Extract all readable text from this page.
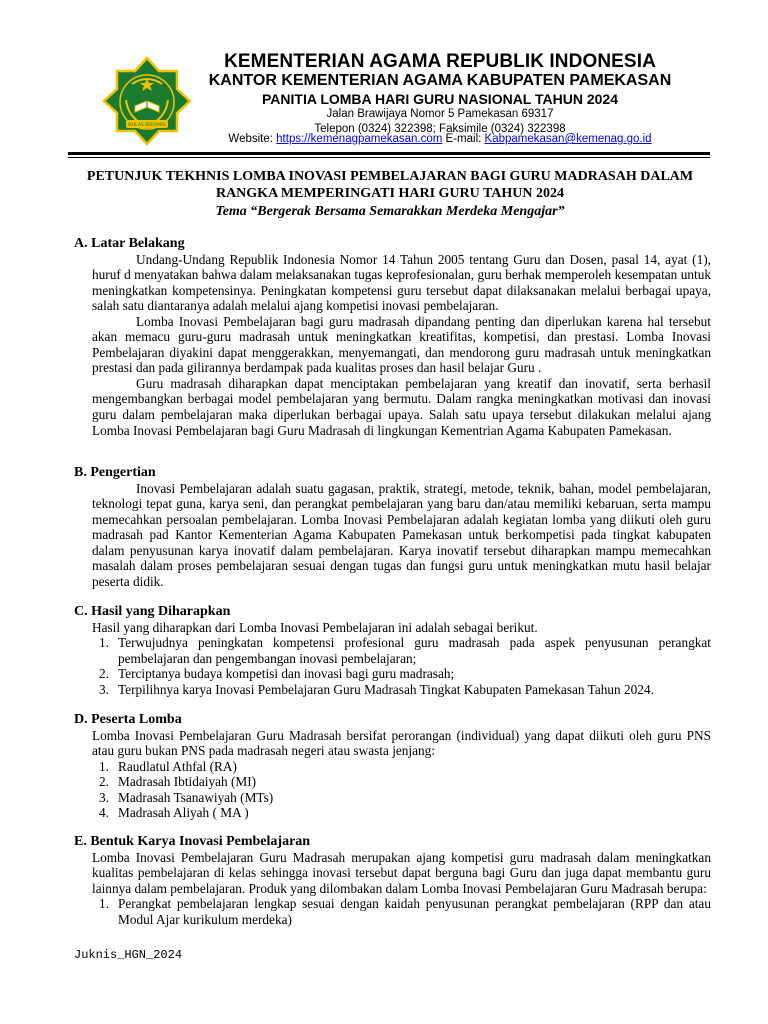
IKHLAS BERAMAL
KEMENTERIAN AGAMA REPUBLIK INDONESIA
KANTOR KEMENTERIAN AGAMA KABUPATEN PAMEKASAN
PANITIA LOMBA HARI GURU NASIONAL TAHUN 2024
Jalan Brawijaya Nomor 5 Pamekasan 69317
Telepon (0324) 322398; Faksimile (0324) 322398
Website: https://kemenagpamekasan.com E-mail: Kabpamekasan@kemenag.go.id
PETUNJUK TEKHNIS LOMBA INOVASI PEMBELAJARAN BAGI GURU MADRASAH DALAM
RANGKA MEMPERINGATI HARI GURU TAHUN 2024
Tema “Bergerak Bersama Semarakkan Merdeka Mengajar”
A. Latar Belakang

Undang-Undang Republik Indonesia Nomor 14 Tahun 2005 tentang Guru dan Dosen, pasal 14, ayat (1), huruf d menyatakan bahwa dalam melaksanakan tugas keprofesionalan, guru berhak memperoleh kesempatan untuk meningkatkan kompetensinya. Peningkatan kompetensi guru tersebut dapat dilaksanakan melalui berbagai upaya, salah satu diantaranya adalah melalui ajang kompetisi inovasi pembelajaran.

Lomba Inovasi Pembelajaran bagi guru madrasah dipandang penting dan diperlukan karena hal tersebut akan memacu guru-guru madrasah untuk meningkatkan kreatifitas, kompetisi, dan prestasi. Lomba Inovasi Pembelajaran diyakini dapat menggerakkan, menyemangati, dan mendorong guru madrasah untuk meningkatkan prestasi dan pada gilirannya berdampak pada kualitas proses dan hasil belajar Guru .

Guru madrasah diharapkan dapat menciptakan pembelajaran yang kreatif dan inovatif, serta berhasil mengembangkan berbagai model pembelajaran yang bermutu. Dalam rangka meningkatkan motivasi dan inovasi guru dalam pembelajaran maka diperlukan berbagai upaya. Salah satu upaya tersebut dilakukan melalui ajang Lomba Inovasi Pembelajaran bagi Guru Madrasah di lingkungan Kementrian Agama Kabupaten Pamekasan.

B. Pengertian

Inovasi Pembelajaran adalah suatu gagasan, praktik, strategi, metode, teknik, bahan, model pembelajaran, teknologi tepat guna, karya seni, dan perangkat pembelajaran yang baru dan/atau memiliki kebaruan, serta mampu memecahkan persoalan pembelajaran. Lomba Inovasi Pembelajaran adalah kegiatan lomba yang diikuti oleh guru madrasah pad Kantor Kementerian Agama Kabupaten Pamekasan untuk berkompetisi pada tingkat kabupaten dalam penyusunan karya inovatif dalam pembelajaran. Karya inovatif tersebut diharapkan mampu memecahkan masalah dalam proses pembelajaran sesuai dengan tugas dan fungsi guru untuk meningkatkan mutu hasil belajar peserta didik.

C. Hasil yang Diharapkan

Hasil yang diharapkan dari Lomba Inovasi Pembelajaran ini adalah sebagai berikut.

1. Terwujudnya peningkatan kompetensi profesional guru madrasah pada aspek penyusunan perangkat pembelajaran dan pengembangan inovasi pembelajaran;
2. Terciptanya budaya kompetisi dan inovasi bagi guru madrasah;
3. Terpilihnya karya Inovasi Pembelajaran Guru Madrasah Tingkat Kabupaten Pamekasan Tahun 2024.
D. Peserta Lomba

Lomba Inovasi Pembelajaran Guru Madrasah bersifat perorangan (individual) yang dapat diikuti oleh guru PNS atau guru bukan PNS pada madrasah negeri atau swasta jenjang:

1. Raudlatul Athfal (RA)
2. Madrasah Ibtidaiyah (MI)
3. Madrasah Tsanawiyah (MTs)
4. Madrasah Aliyah ( MA )
E. Bentuk Karya Inovasi Pembelajaran

Lomba Inovasi Pembelajaran Guru Madrasah merupakan ajang kompetisi guru madrasah dalam meningkatkan kualitas pembelajaran di kelas sehingga inovasi tersebut dapat berguna bagi Guru dan juga dapat membantu guru lainnya dalam pembelajaran. Produk yang dilombakan dalam Lomba Inovasi Pembelajaran Guru Madrasah berupa:

1. Perangkat pembelajaran lengkap sesuai dengan kaidah penyusunan perangkat pembelajaran (RPP dan atau Modul Ajar kurikulum merdeka)
Juknis_HGN_2024
